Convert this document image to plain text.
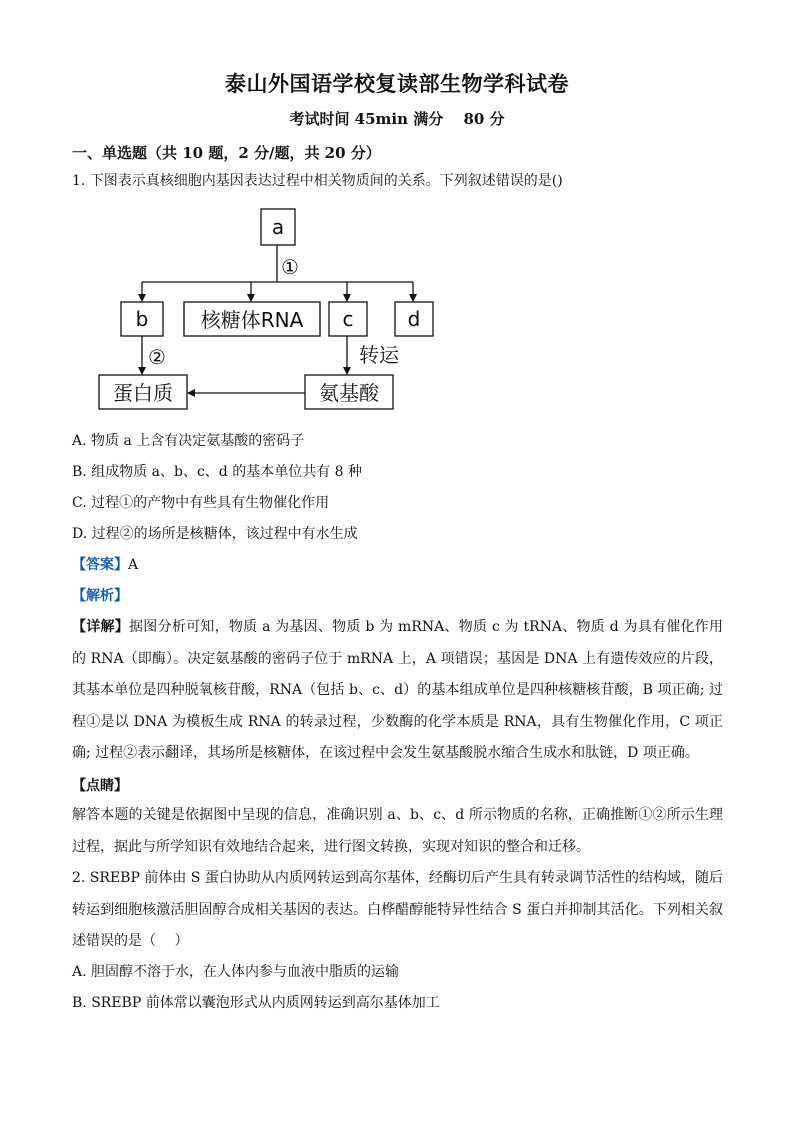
泰山外国语学校复读部生物学科试卷
考试时间 45min 满分　 80 分
一、单选题（共 10 题，2 分/题，共 20 分）
1. 下图表示真核细胞内基因表达过程中相关物质间的关系。下列叙述错误的是()
a
b	核糖体RNA c	d
蛋白质	氨基酸
①
②	转运
A. 物质 a 上含有决定氨基酸的密码子
B. 组成物质 a、b、c、d 的基本单位共有 8 种
C. 过程①的产物中有些具有生物催化作用
D. 过程②的场所是核糖体，该过程中有水生成
【答案】A
【解析】
【详解】据图分析可知，物质 a 为基因、物质 b 为 mRNA、物质 c 为 tRNA、物质 d 为具有催化作用的 RNA（即酶）。决定氨基酸的密码子位于 mRNA 上，A 项错误；基因是 DNA 上有遗传效应的片段，其基本单位是四种脱氧核苷酸，RNA（包括 b、c、d）的基本组成单位是四种核糖核苷酸，B 项正确; 过程①是以 DNA 为模板生成 RNA 的转录过程，少数酶的化学本质是 RNA，具有生物催化作用，C 项正确; 过程②表示翻译，其场所是核糖体，在该过程中会发生氨基酸脱水缩合生成水和肽链，D 项正确。
【点睛】
解答本题的关键是依据图中呈现的信息，准确识别 a、b、c、d 所示物质的名称，正确推断①②所示生理过程，据此与所学知识有效地结合起来，进行图文转换，实现对知识的整合和迁移。
2. SREBP 前体由 S 蛋白协助从内质网转运到高尔基体，经酶切后产生具有转录调节活性的结构域，随后转运到细胞核激活胆固醇合成相关基因的表达。白桦醋醇能特异性结合 S 蛋白并抑制其活化。下列相关叙述错误的是（　 ）
A. 胆固醇不溶于水，在人体内参与血液中脂质的运输
B. SREBP 前体常以囊泡形式从内质网转运到高尔基体加工
